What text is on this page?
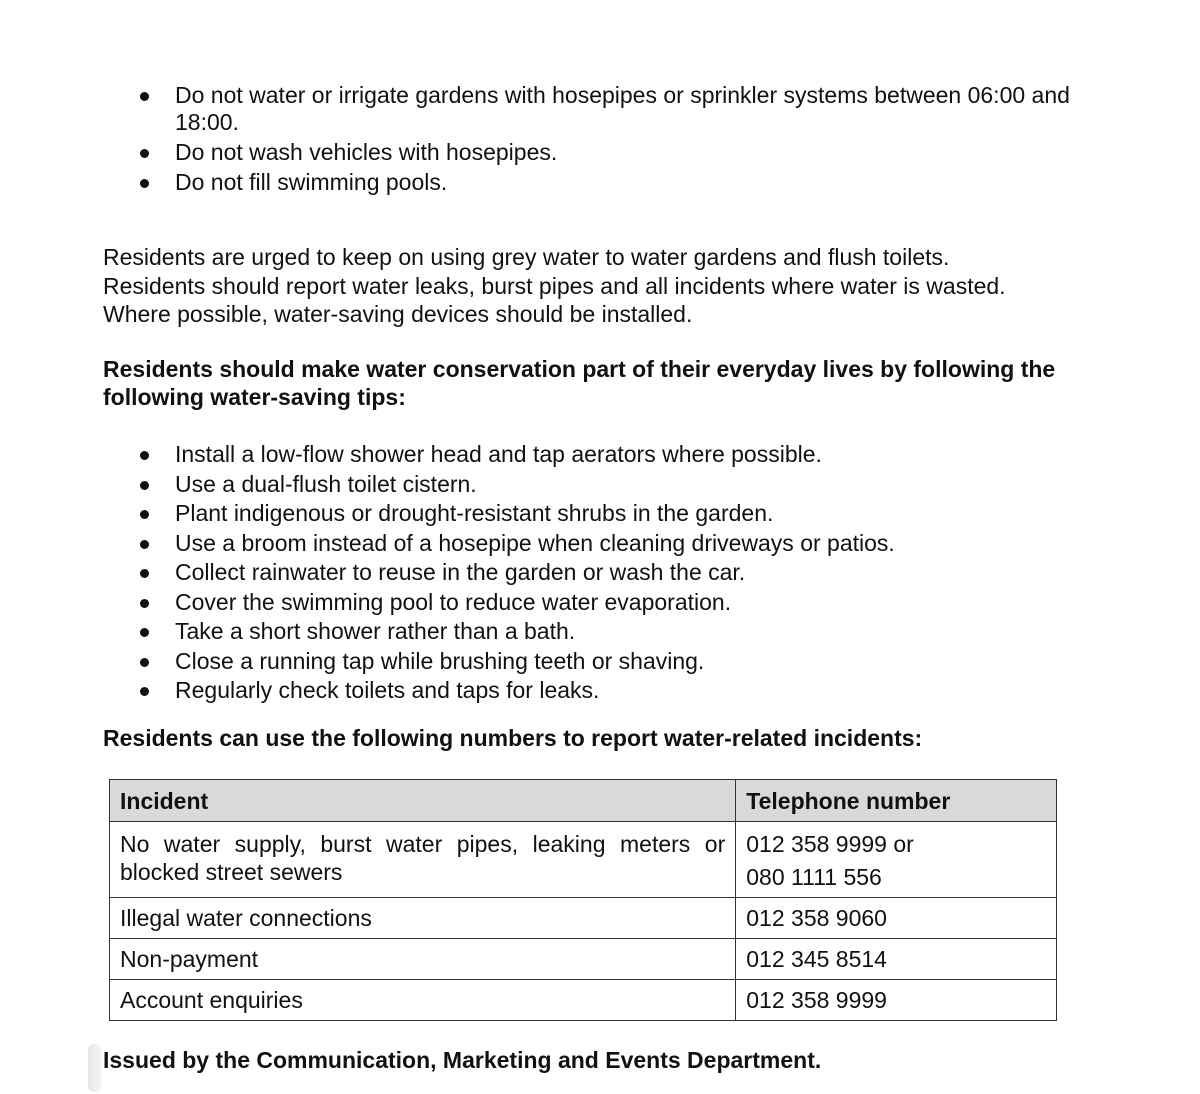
Do not water or irrigate gardens with hosepipes or sprinkler systems between 06:00 and 18:00.
Do not wash vehicles with hosepipes.
Do not fill swimming pools.

Residents are urged to keep on using grey water to water gardens and flush toilets.
Residents should report water leaks, burst pipes and all incidents where water is wasted.
Where possible, water-saving devices should be installed.

Residents should make water conservation part of their everyday lives by following the following water-saving tips:

Install a low-flow shower head and tap aerators where possible.
Use a dual-flush toilet cistern.
Plant indigenous or drought-resistant shrubs in the garden.
Use a broom instead of a hosepipe when cleaning driveways or patios.
Collect rainwater to reuse in the garden or wash the car.
Cover the swimming pool to reduce water evaporation.
Take a short shower rather than a bath.
Close a running tap while brushing teeth or shaving.
Regularly check toilets and taps for leaks.

Residents can use the following numbers to report water-related incidents:

Incident	Telephone number
No water supply, burst water pipes, leaking meters or blocked street sewers	012 358 9999 or
080 1111 556

Illegal water connections	012 358 9060

Non-payment	012 345 8514

Account enquiries	012 358 9999

Issued by the Communication, Marketing and Events Department.
